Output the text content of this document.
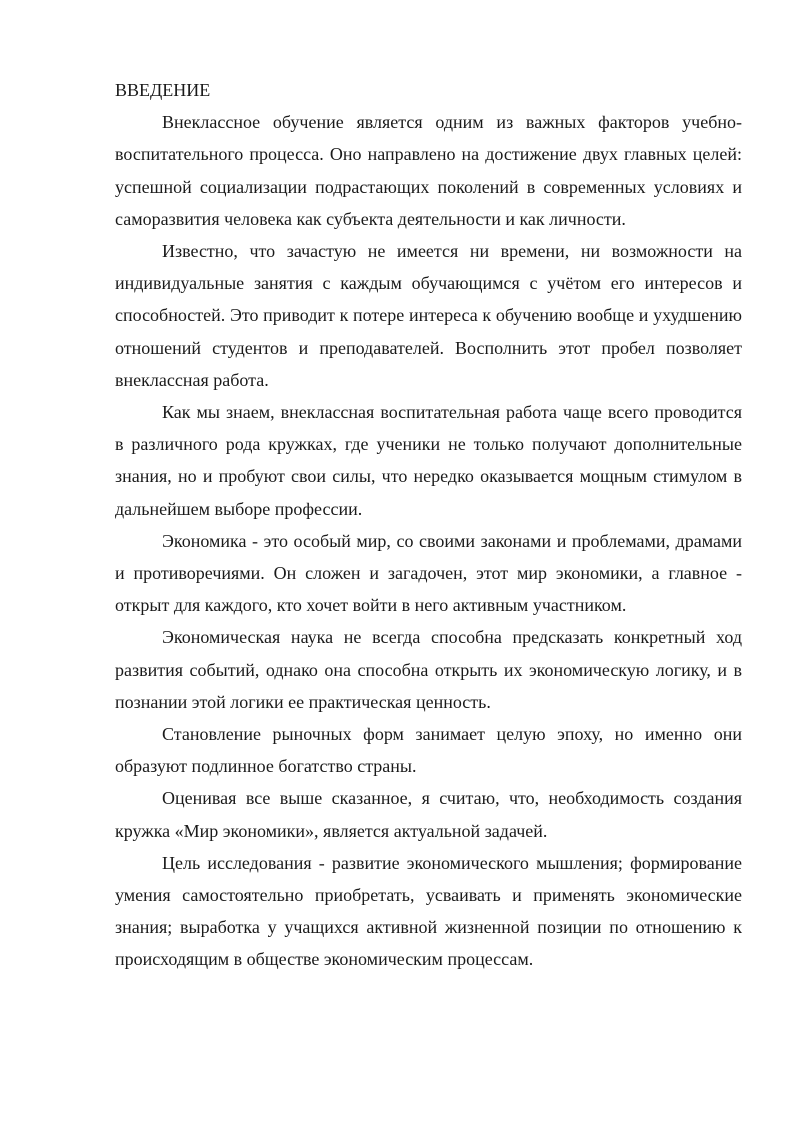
ВВЕДЕНИЕ

Внеклассное обучение является одним из важных факторов учебно-воспитательного процесса. Оно направлено на достижение двух главных целей: успешной социализации подрастающих поколений в современных условиях и саморазвития человека как субъекта деятельности и как личности.

Известно, что зачастую не имеется ни времени, ни возможности на индивидуальные занятия с каждым обучающимся с учётом его интересов и способностей. Это приводит к потере интереса к обучению вообще и ухудшению отношений студентов и преподавателей. Восполнить этот пробел позволяет внеклассная работа.

Как мы знаем, внеклассная воспитательная работа чаще всего проводится в различного рода кружках, где ученики не только получают дополнительные знания, но и пробуют свои силы, что нередко оказывается мощным стимулом в дальнейшем выборе профессии.

Экономика - это особый мир, со своими законами и проблемами, драмами и противоречиями. Он сложен и загадочен, этот мир экономики, а главное - открыт для каждого, кто хочет войти в него активным участником.

Экономическая наука не всегда способна предсказать конкретный ход развития событий, однако она способна открыть их экономическую логику, и в познании этой логики ее практическая ценность.

Становление рыночных форм занимает целую эпоху, но именно они образуют подлинное богатство страны.

Оценивая все выше сказанное, я считаю, что, необходимость создания кружка «Мир экономики», является актуальной задачей.

Цель исследования - развитие экономического мышления; формирование умения самостоятельно приобретать, усваивать и применять экономические знания; выработка у учащихся активной жизненной позиции по отношению к происходящим в обществе экономическим процессам.
